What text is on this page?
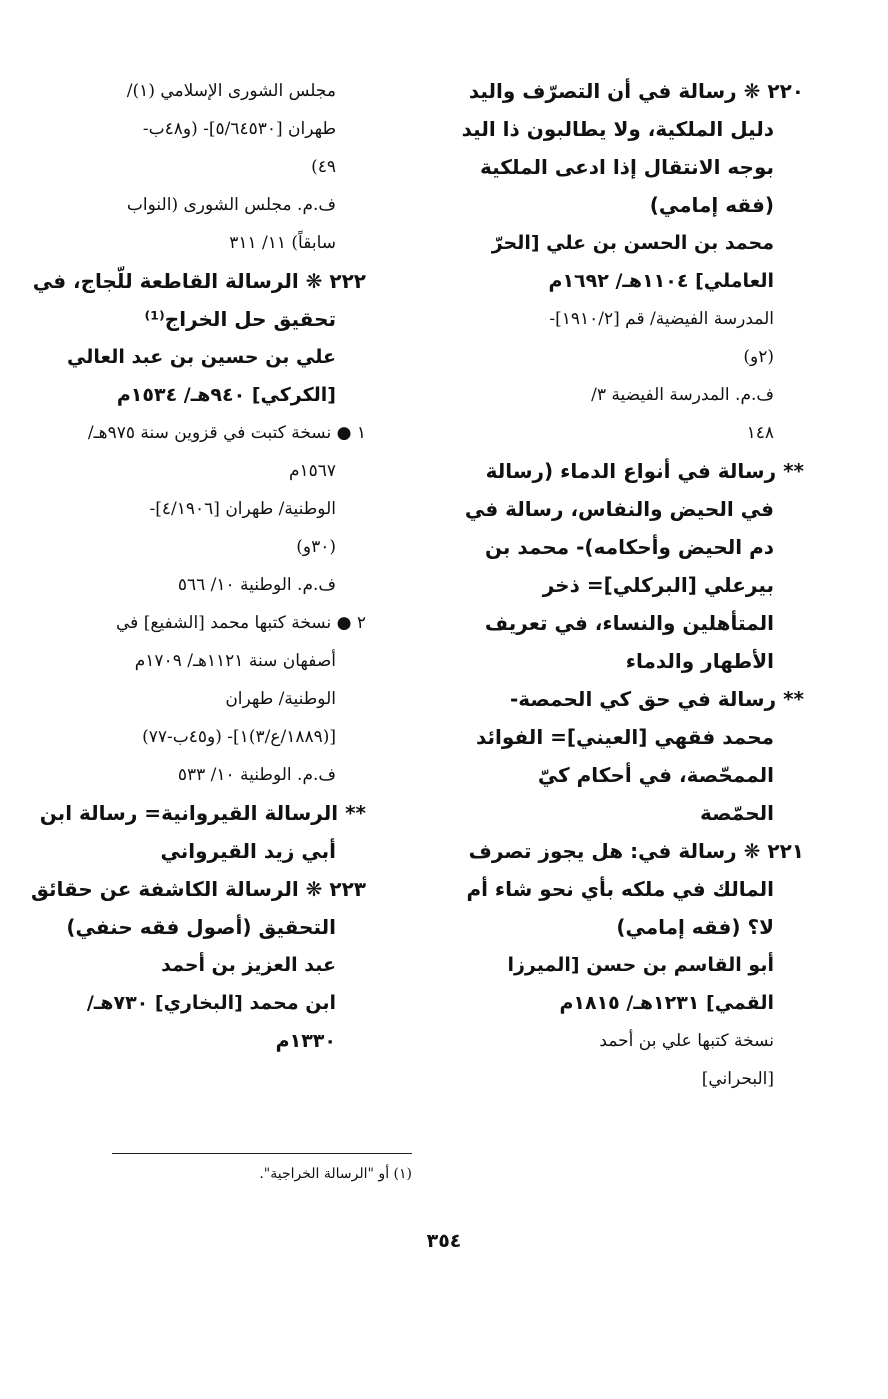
٢٢٠ ❋ رسالة في أن التصرّف واليد
دليل الملكية، ولا يطالبون ذا اليد
بوجه الانتقال إذا ادعى الملكية
(فقه إمامي)
محمد بن الحسن بن علي [الحرّ
العاملي] ١١٠٤هـ/ ١٦٩٢م
المدرسة الفيضية/ قم [١٩١٠/٢]-
(٢و)
ف.م. المدرسة الفيضية ٣/
١٤٨
** رسالة في أنواع الدماء (رسالة
في الحيض والنفاس، رسالة في
دم الحيض وأحكامه)- محمد بن
بيرعلي [البركلي]= ذخر
المتأهلين والنساء، في تعريف
الأطهار والدماء
** رسالة في حق كي الحمصة-
محمد فقهي [العيني]= الفوائد
الممحّصة، في أحكام كيّ
الحمّصة
٢٢١ ❋ رسالة في: هل يجوز تصرف
المالك في ملكه بأي نحو شاء أم
لا؟ (فقه إمامي)
أبو القاسم بن حسن [الميرزا
القمي] ١٢٣١هـ/ ١٨١٥م
نسخة كتبها علي بن أحمد
[البحراني]
مجلس الشورى الإسلامي (١)/
طهران [٥/٦٤٥٣٠]- (و٤٨ب-
٤٩)
ف.م. مجلس الشورى (النواب
سابقاً) ١١/ ٣١١
٢٢٢ ❋ الرسالة القاطعة للّجاج، في
تحقيق حل الخراج⁽¹⁾
علي بن حسين بن عبد العالي
[الكركي] ٩٤٠هـ/ ١٥٣٤م
١ ● نسخة كتبت في قزوين سنة ٩٧٥هـ/
١٥٦٧م
الوطنية/ طهران [٤/١٩٠٦]-
(٣٠و)
ف.م. الوطنية ١٠/ ٥٦٦
٢ ● نسخة كتبها محمد [الشفيع] في
أصفهان سنة ١١٢١هـ/ ١٧٠٩م
الوطنية/ طهران
[(١٨٨٩/ع/٣)١]- (و٤٥ب-٧٧)
ف.م. الوطنية ١٠/ ٥٣٣
** الرسالة القيروانية= رسالة ابن
أبي زيد القيرواني
٢٢٣ ❋ الرسالة الكاشفة عن حقائق
التحقيق (أصول فقه حنفي)
عبد العزيز بن أحمد
ابن محمد [البخاري] ٧٣٠هـ/
١٣٣٠م
(١) أو "الرسالة الخراجية".
٣٥٤
